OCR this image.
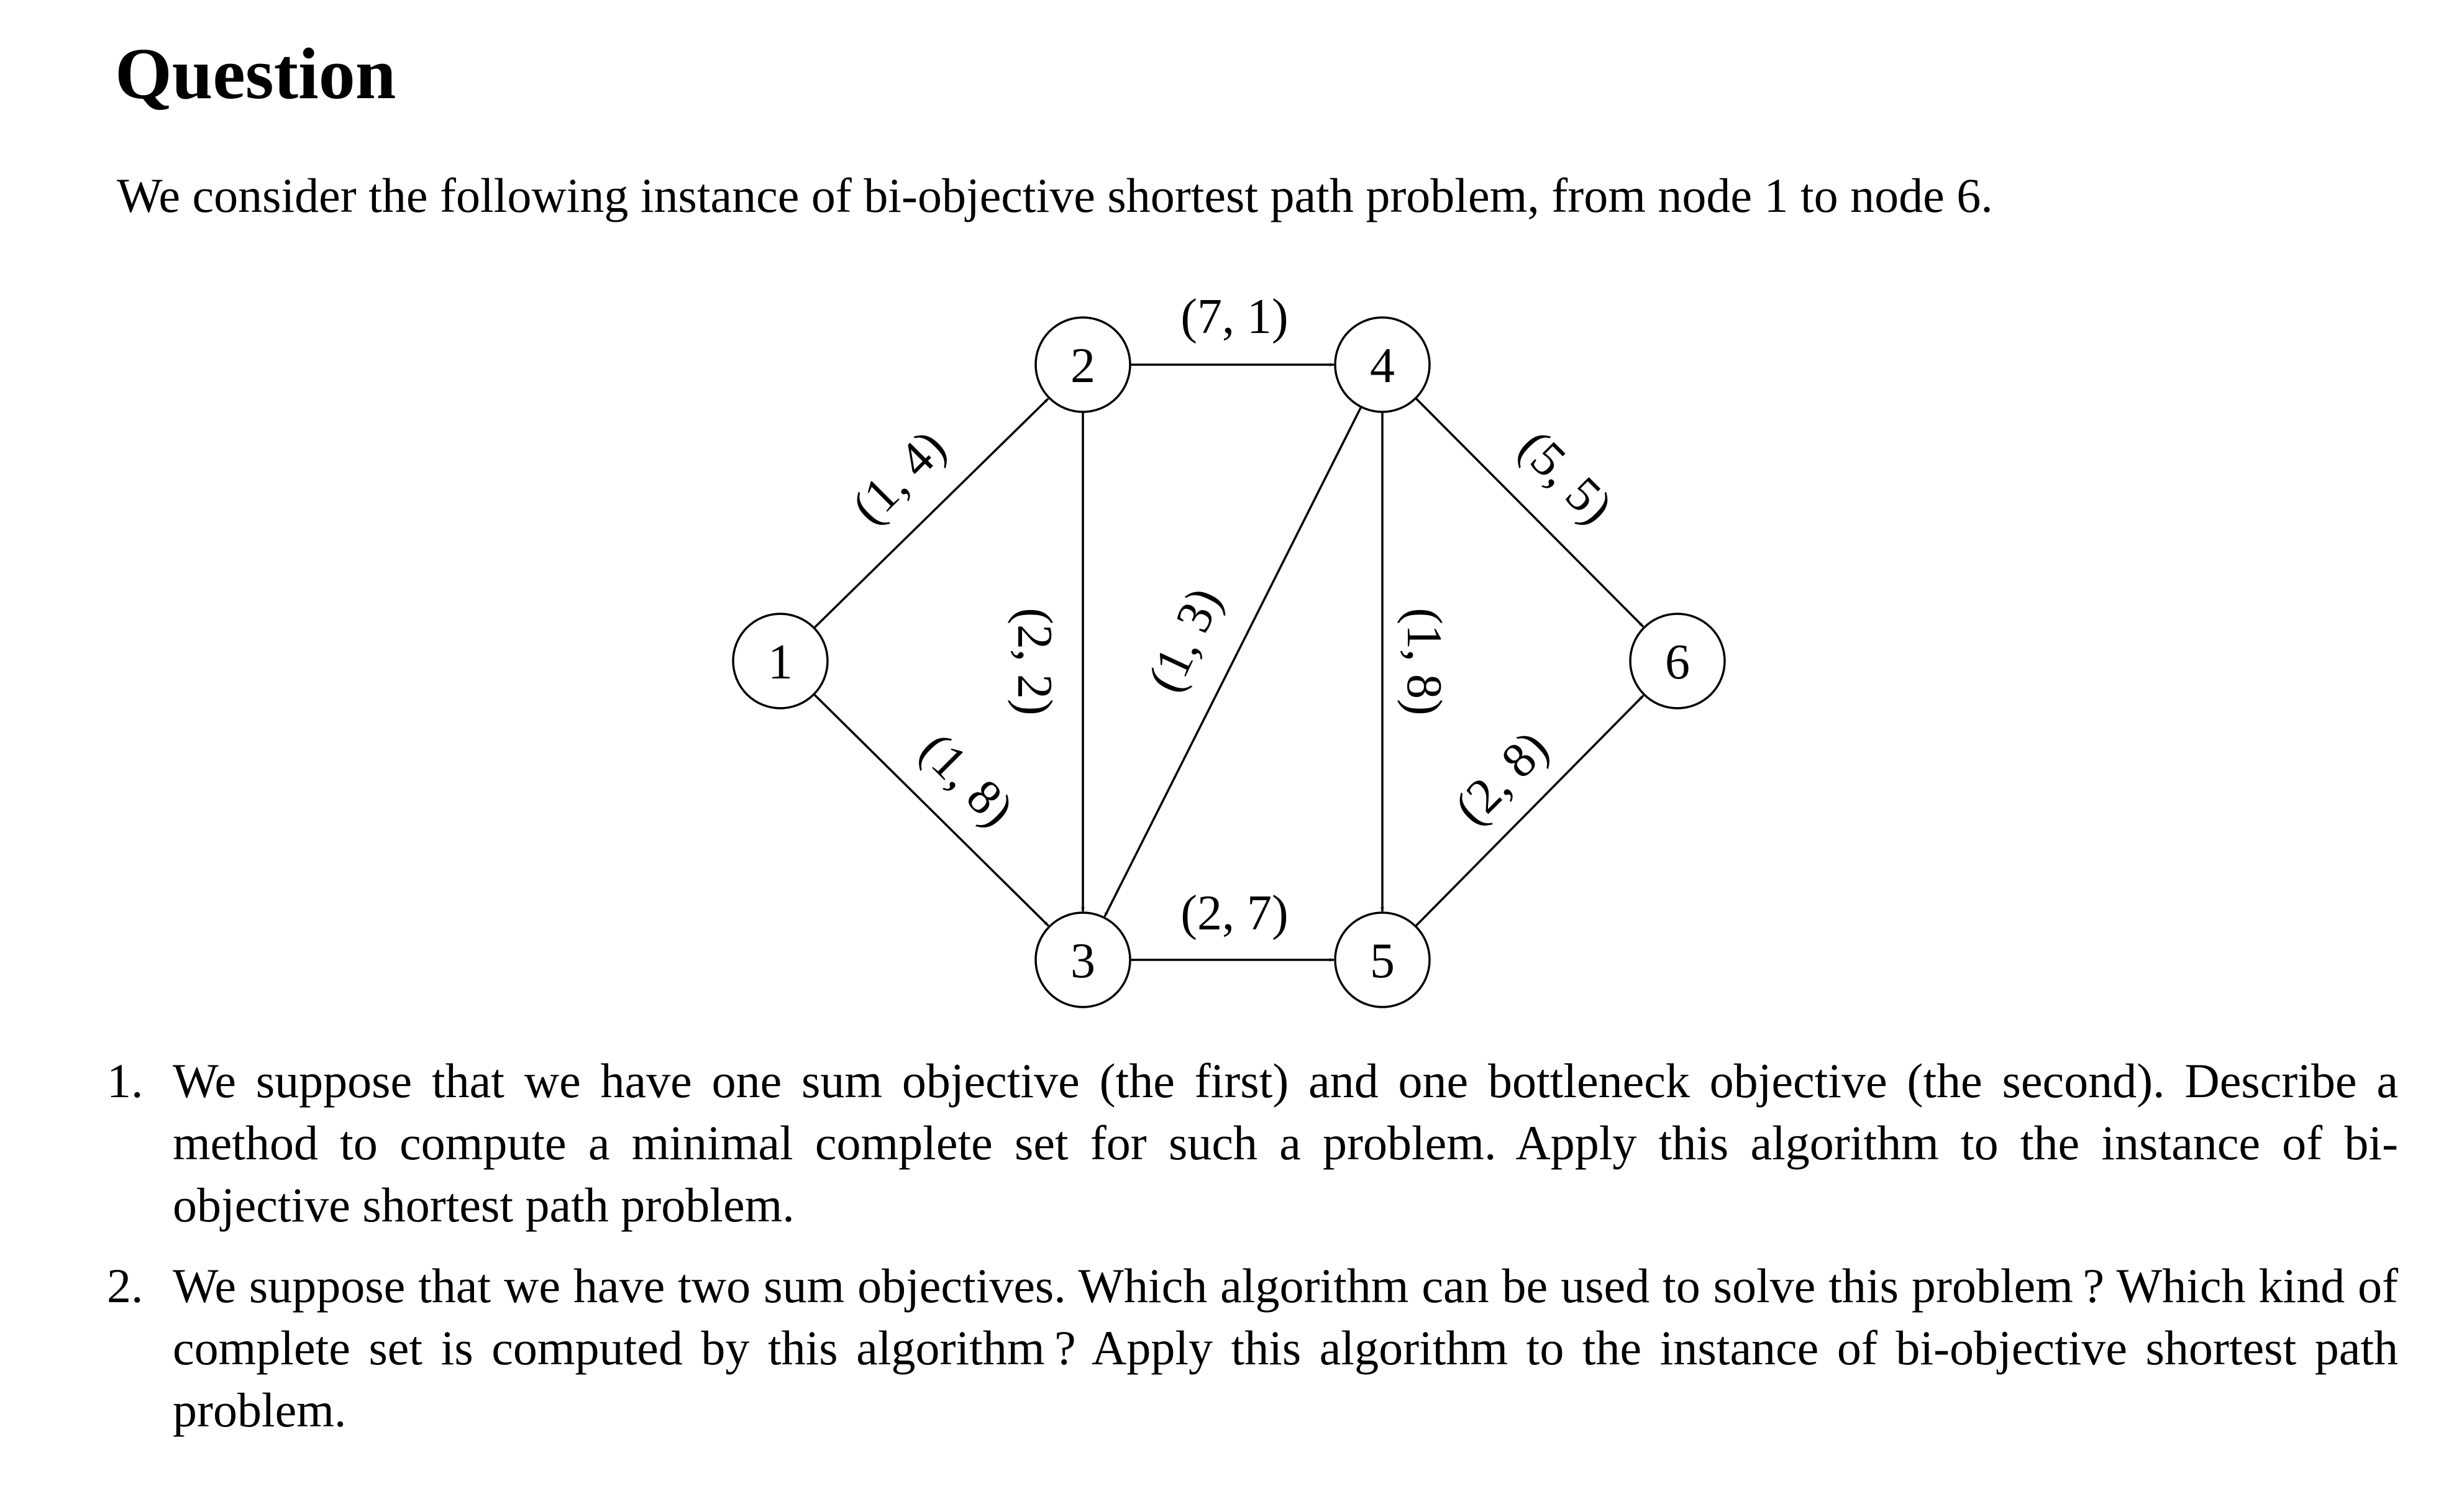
Question

We consider the following instance of bi-objective shortest path problem, from node 1 to node 6.

(1, 4)
(1, 8)
(7, 1)
(2, 2) (1, 3)
(2, 7)
(1, 8)
(5, 5)
(2, 8)
1
2
3
4
5
6
1. We suppose that we have one sum objective (the first) and one bottleneck objective (the second). Describe a method to compute a minimal complete set for such a problem. Apply this algorithm to the instance of bi-objective shortest path problem.
2. We suppose that we have two sum objectives. Which algorithm can be used to solve this problem ? Which kind of complete set is computed by this algorithm ? Apply this algorithm to the instance of bi-objective shortest path problem.
